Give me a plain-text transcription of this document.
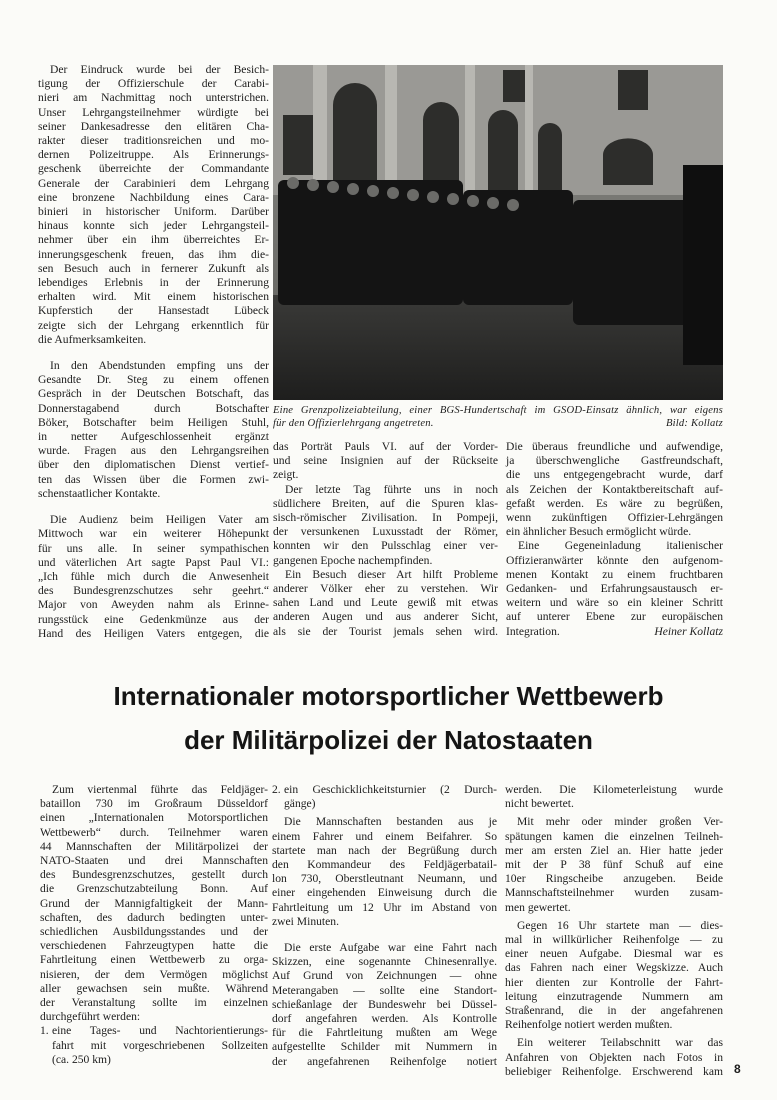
Der Eindruck wurde bei der Besich-
tigung der Offizierschule der Carabi-
nieri am Nachmittag noch unterstrichen.
Unser Lehrgangsteilnehmer würdigte bei
seiner Dankesadresse den elitären Cha-
rakter dieser traditionsreichen und mo-
dernen Polizeitruppe. Als Erinnerungs-
geschenk überreichte der Commandante
Generale der Carabinieri dem Lehrgang
eine bronzene Nachbildung eines Cara-
binieri in historischer Uniform. Darüber
hinaus konnte sich jeder Lehrgangsteil-
nehmer über ein ihm überreichtes Er-
innerungsgeschenk freuen, das ihm die-
sen Besuch auch in fernerer Zukunft als
lebendiges Erlebnis in der Erinnerung
erhalten wird. Mit einem historischen
Kupferstich der Hansestadt Lübeck
zeigte sich der Lehrgang erkenntlich für
die Aufmerksamkeiten.
In den Abendstunden empfing uns der
Gesandte Dr. Steg zu einem offenen
Gespräch in der Deutschen Botschaft, das
Donnerstagabend durch Botschafter
Böker, Botschafter beim Heiligen Stuhl,
in netter Aufgeschlossenheit ergänzt
wurde. Fragen aus den Lehrgangsreihen
über den diplomatischen Dienst vertief-
ten das Wissen über die Formen zwi-
schenstaatlicher Kontakte.
Die Audienz beim Heiligen Vater am
Mittwoch war ein weiterer Höhepunkt
für uns alle. In seiner sympathischen
und väterlichen Art sagte Papst Paul VI.:
„Ich fühle mich durch die Anwesenheit
des Bundesgrenzschutzes sehr geehrt.“
Major von Aweyden nahm als Erinne-
rungsstück eine Gedenkmünze aus der
Hand des Heiligen Vaters entgegen, die
Eine Grenzpolizeiabteilung, einer BGS-Hundertschaft im GSOD-Einsatz ähnlich, war eigens
für den Offizierlehrgang angetreten.	Bild: Kollatz
das Porträt Pauls VI. auf der Vorder-
und seine Insignien auf der Rückseite
zeigt.
Der letzte Tag führte uns in noch
südlichere Breiten, auf die Spuren klas-
sisch-römischer Zivilisation. In Pompeji,
der versunkenen Luxusstadt der Römer,
konnten wir den Pulsschlag einer ver-
gangenen Epoche nachempfinden.
Ein Besuch dieser Art hilft Probleme
anderer Völker eher zu verstehen. Wir
sahen Land und Leute gewiß mit etwas
anderen Augen und aus anderer Sicht,
als sie der Tourist jemals sehen wird.
Die überaus freundliche und aufwendige,
ja überschwengliche Gastfreundschaft,
die uns entgegengebracht wurde, darf
als Zeichen der Kontaktbereitschaft auf-
gefaßt werden. Es wäre zu begrüßen,
wenn zukünftigen Offizier-Lehrgängen
ein ähnlicher Besuch ermöglicht würde.
Eine Gegeneinladung italienischer
Offizieranwärter könnte den aufgenom-
menen Kontakt zu einem fruchtbaren
Gedanken- und Erfahrungsaustausch er-
weitern und wäre so ein kleiner Schritt
auf unterer Ebene zur europäischen
Integration.	Heiner Kollatz
Internationaler motorsportlicher Wettbewerb
der Militärpolizei der Natostaaten
Zum viertenmal führte das Feldjäger-
bataillon 730 im Großraum Düsseldorf
einen „Internationalen Motorsportlichen
Wettbewerb“ durch. Teilnehmer waren
44 Mannschaften der Militärpolizei der
NATO-Staaten und drei Mannschaften
des Bundesgrenzschutzes, gestellt durch
die Grenzschutzabteilung Bonn. Auf
Grund der Mannigfaltigkeit der Mann-
schaften, des dadurch bedingten unter-
schiedlichen Ausbildungsstandes und der
verschiedenen Fahrzeugtypen hatte die
Fahrtleitung einen Wettbewerb zu orga-
nisieren, der dem Vermögen möglichst
aller gewachsen sein mußte. Während
der Veranstaltung sollte im einzelnen
durchgeführt werden:
1. eine Tages- und Nachtorientierungs-
fahrt mit vorgeschriebenen Sollzeiten
(ca. 250 km)
2. ein Geschicklichkeitsturnier (2 Durch-
gänge)
Die Mannschaften bestanden aus je
einem Fahrer und einem Beifahrer. So
startete man nach der Begrüßung durch
den Kommandeur des Feldjägerbatail-
lon 730, Oberstleutnant Neumann, und
einer eingehenden Einweisung durch die
Fahrtleitung um 12 Uhr im Abstand von
zwei Minuten.
Die erste Aufgabe war eine Fahrt nach
Skizzen, eine sogenannte Chinesenrallye.
Auf Grund von Zeichnungen — ohne
Meterangaben — sollte eine Standort-
schießanlage der Bundeswehr bei Düssel-
dorf angefahren werden. Als Kontrolle
für die Fahrtleitung mußten am Wege
aufgestellte Schilder mit Nummern in
der angefahrenen Reihenfolge notiert
werden. Die Kilometerleistung wurde
nicht bewertet.
Mit mehr oder minder großen Ver-
spätungen kamen die einzelnen Teilneh-
mer am ersten Ziel an. Hier hatte jeder
mit der P 38 fünf Schuß auf eine
10er Ringscheibe anzugeben. Beide
Mannschaftsteilnehmer wurden zusam-
men gewertet.
Gegen 16 Uhr startete man — dies-
mal in willkürlicher Reihenfolge — zu
einer neuen Aufgabe. Diesmal war es
das Fahren nach einer Wegskizze. Auch
hier dienten zur Kontrolle der Fahrt-
leitung einzutragende Nummern am
Straßenrand, die in der angefahrenen
Reihenfolge notiert werden mußten.
Ein weiterer Teilabschnitt war das
Anfahren von Objekten nach Fotos in
beliebiger Reihenfolge. Erschwerend kam 8
